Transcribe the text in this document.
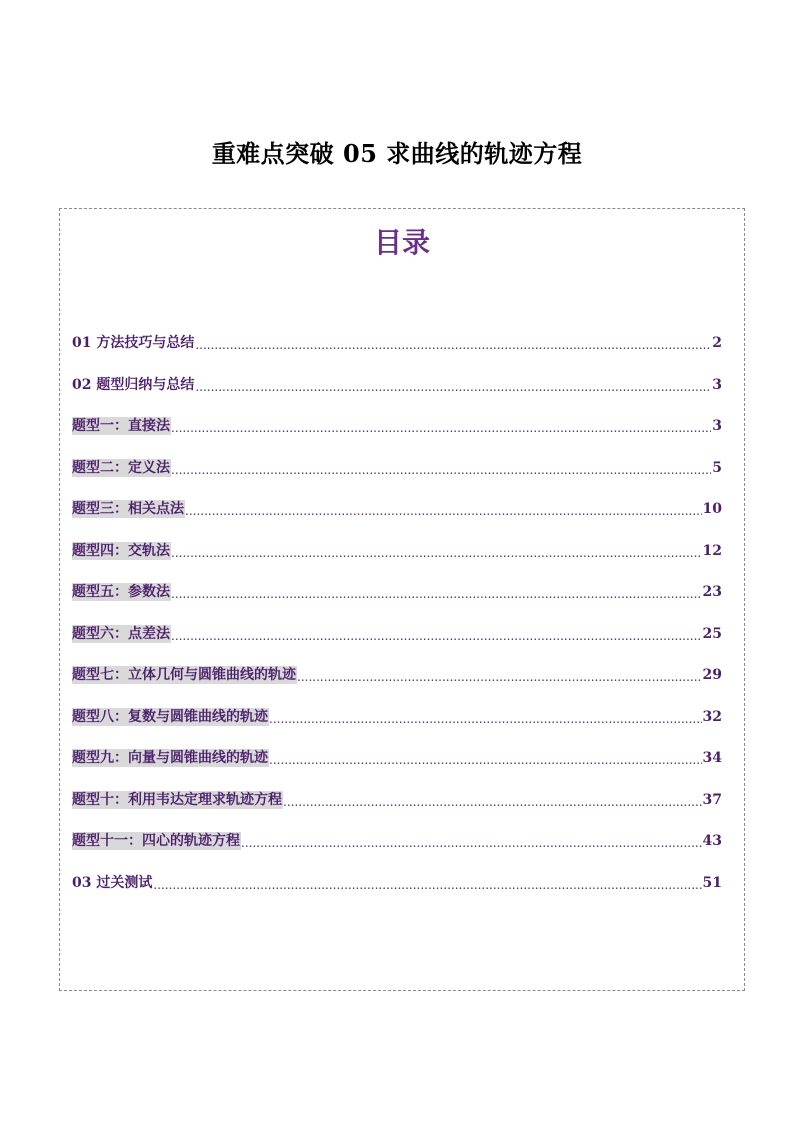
重难点突破 05 求曲线的轨迹方程
目录
01 方法技巧与总结 .....	2
02 题型归纳与总结 .....	3
题型一：直接法 .....	3
题型二：定义法 .....	5
题型三：相关点法 .....	10
题型四：交轨法 .....	12
题型五：参数法 .....	23
题型六：点差法 .....	25
题型七：立体几何与圆锥曲线的轨迹 .....	29
题型八：复数与圆锥曲线的轨迹 .....	32
题型九：向量与圆锥曲线的轨迹 .....	34
题型十：利用韦达定理求轨迹方程 .....	37
题型十一：四心的轨迹方程 .....	43
03 过关测试 .....	51
